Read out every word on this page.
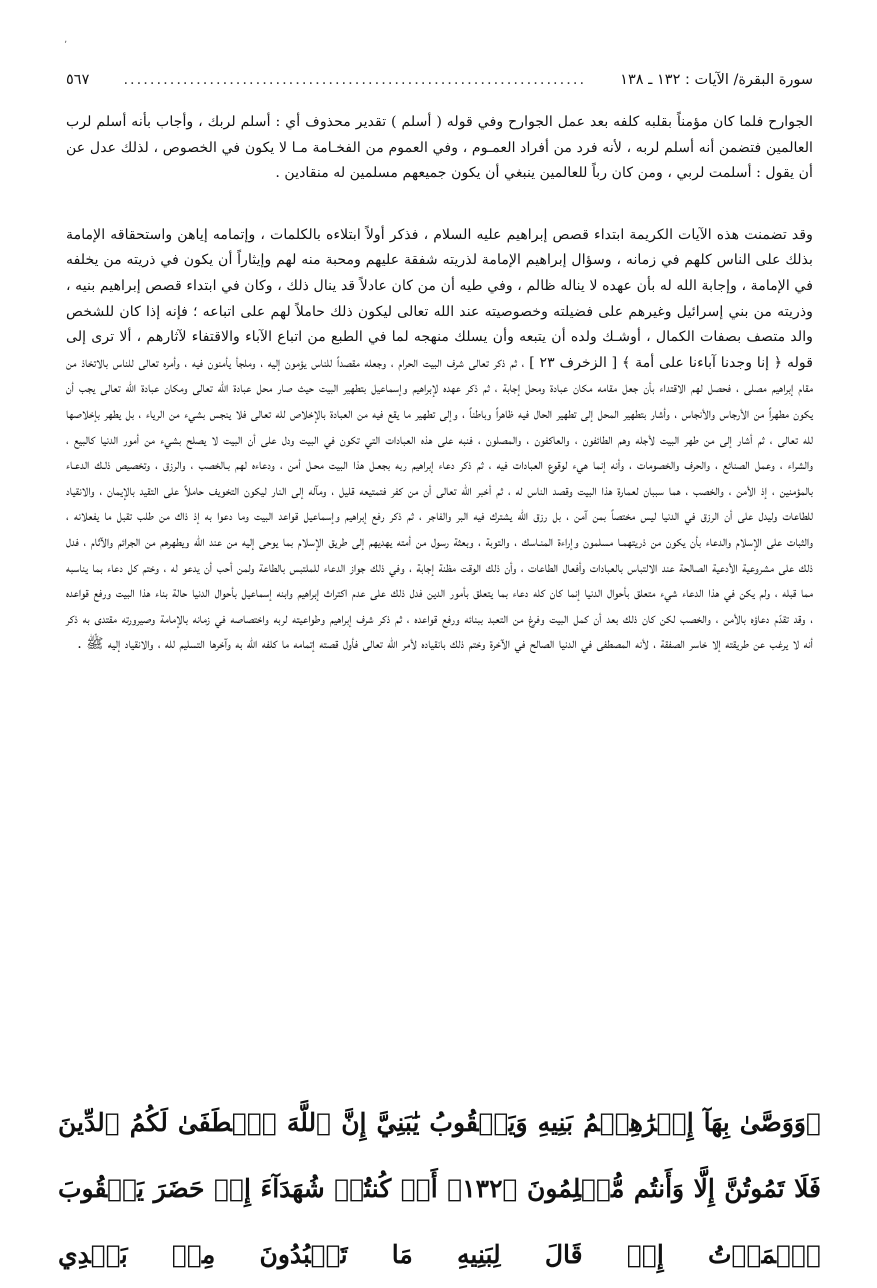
٬
سورة البقرة/ الآيات : ١٣٢ ـ ١٣٨
......................................................................
٥٦٧

الجوارح فلما كان مؤمناً بقلبه كلفه بعد عمل الجوارح وفي قوله ( أسلم ) تقدير محذوف أي : أسلم لربك ، وأجاب بأنه أسلم لرب العالمين فتضمن أنه أسلم لربه ، لأنه فرد من أفراد العمـوم ، وفي العموم من الفخـامة مـا لا يكون في الخصوص ، لذلك عدل عن أن يقول : أسلمت لربي ، ومن كان رباً للعالمين ينبغي أن يكون جميعهم مسلمين له منقادين .

وقد تضمنت هذه الآيات الكريمة ابتداء قصص إبراهيم عليه السلام ، فذكر أولاً ابتلاءه بالكلمات ، وإتمامه إياهن واستحقاقه الإمامة بذلك على الناس كلهم في زمانه ، وسؤال إبراهيم الإمامة لذريته شفقة عليهم ومحبة منه لهم وإيثاراً أن يكون في ذريته من يخلفه في الإمامة ، وإجابة الله له بأن عهده لا يناله ظالم ، وفي طيه أن من كان عادلاً قد ينال ذلك ، وكان في ابتداء قصص إبراهيم بنيه ، وذريته من بني إسرائيل وغيرهم على فضيلته وخصوصيته عند الله تعالى ليكون ذلك حاملاً لهم على اتباعه ؛ فإنه إذا كان للشخص والد متصف بصفات الكمال ، أوشـك ولده أن يتبعه وأن يسلك منهجه لما في الطبع من اتباع الآباء والاقتفاء لآثارهم ، ألا ترى إلى قوله ﴿ إنا وجدنا آباءنا على أمة ﴾ [ الزخرف ٢٣ ] ، ثم ذكر تعالى شرف البيت الحرام ، وجعله مقصداً للناس يؤمون إليه ، وملجأ يأمنون فيه ، وأمره تعالى للناس بالاتخاذ من مقام إبراهيم مصلى ، فحصل لهم الاقتداء بأن جعل مقامه مكان عبادة ومحل إجابة ، ثم ذكر عهده لإبراهيم وإسماعيل بتطهير البيت حيث صار محل عبادة الله تعالى ومكان عبادة الله تعالى يجب أن يكون مطهراً من الأرجاس والأنجاس ، وأشار بتطهير المحل إلى تطهير الحال فيه ظاهراً وباطناً ، وإلى تطهير ما يقع فيه من العبادة بالإخلاص لله تعالى فلا ينجس بشيء من الرياء ، بل يطهر بإخلاصها لله تعالى ، ثم أشار إلى من طهر البيت لأجله وهم الطائفون ، والعاكفون ، والمصلون ، فنبه على هذه العبادات التي تكون في البيت ودل على أن البيت لا يصلح بشيء من أمور الدنيا كالبيع ، والشراء ، وعمل الصنائع ، والحرف والخصومات ، وأنه إنما هيء لوقوع العبادات فيه ، ثم ذكر دعاء إبراهيم ربه بجعـل هذا البيت محـل أمن ، ودعاءه لهم بـالخصب ، والرزق ، وتخصيص ذلـك الدعـاء بالمؤمنين ، إذ الأمن ، والخصب ، هما سببان لعمارة هذا البيت وقصد الناس له ، ثم أخبر الله تعالى أن من كفر فتمتيعه قليل ، ومآله إلى النار ليكون التخويف حاملاً على التقيد بالإيمان ، والانقياد للطاعات وليدل على أن الرزق في الدنيا ليس مختصاً بمن آمن ، بل رزق الله يشترك فيه البر والفاجر ، ثم ذكر رفع إبراهيم وإسماعيل قواعد البيت وما دعوا به إذ ذاك من طلب تقبل ما يفعلانه ، والثبات على الإسلام والدعاء بأن يكون من ذريتهمـا مسلمون وإراءة المنـاسك ، والتوبة ، وبعثة رسول من أمته يهديهم إلى طريق الإسلام بما يوحى إليه من عند الله ويطهرهم من الجرائم والآثام ، فدل ذلك على مشروعية الأدعية الصالحة عند الالتباس بالعبادات وأفعال الطاعات ، وأن ذلك الوقت مظنة إجابة ، وفي ذلك جواز الدعاء للملتبس بالطاعة ولمن أحب أن يدعو له ، وختم كل دعاء بما يناسبه مما قبله ، ولم يكن في هذا الدعاء شيء متعلق بأحوال الدنيا إنما كان كله دعاء بما يتعلق بأمور الدين فدل ذلك على عدم اكتراث إبراهيم وابنه إسماعيل بأحوال الدنيا حالة بناء هذا البيت ورفع قواعده ، وقد تقدّم دعاؤه بالأمن ، والخصب لكن كان ذلك بعد أن كمل البيت وفرغ من التعبد ببنائه ورفع قواعده ، ثم ذكر شرف إبراهيم وطواعيته لربه واختصاصه في زمانه بالإمامة وصيرورته مقتدى به ذكر أنه لا يرغب عن طريقته إلا خاسر الصفقة ، لأنه المصطفى في الدنيا الصالح في الآخرة وختم ذلك بانقياده لأمر الله تعالى فأول قصته إتمامه ما كلفه الله به وآخرها التسليم لله ، والانقياد إليه ﷺ .

﴿وَوَصَّىٰ بِهَآ إِبۡرَٰهِـۧمُ بَنِيهِ وَيَعۡقُوبُ يَٰبَنِيَّ إِنَّ ٱللَّهَ ٱصۡطَفَىٰ لَكُمُ ٱلدِّينَ فَلَا تَمُوتُنَّ إِلَّا وَأَنتُم مُّسۡلِمُونَ ﴿١٣٢﴾ أَمۡ كُنتُمۡ شُهَدَآءَ إِذۡ حَضَرَ يَعۡقُوبَ ٱلۡمَوۡتُ إِذۡ قَالَ لِبَنِيهِ مَا تَعۡبُدُونَ مِنۢ بَعۡدِي
